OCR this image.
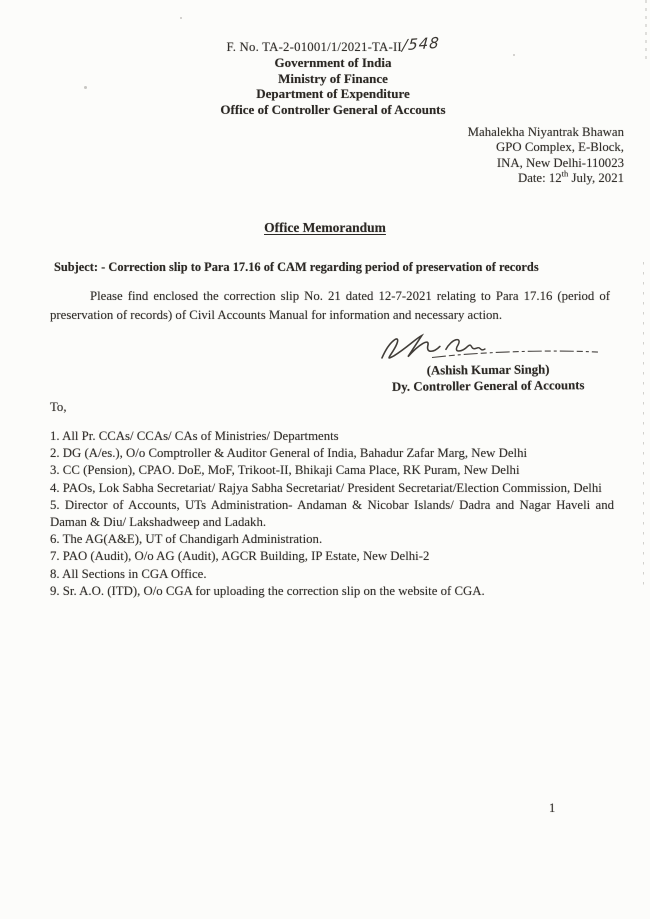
F. No. TA-2-01001/1/2021-TA-II/548
Government of India
Ministry of Finance
Department of Expenditure
Office of Controller General of Accounts
Mahalekha Niyantrak Bhawan
GPO Complex, E-Block,
INA, New Delhi-110023
Date: 12th July, 2021
Office Memorandum
Subject: - Correction slip to Para 17.16 of CAM regarding period of preservation of records
Please find enclosed the correction slip No. 21 dated 12-7-2021 relating to Para 17.16 (period of preservation of records) of Civil Accounts Manual for information and necessary action.
(Ashish Kumar Singh)
Dy. Controller General of Accounts
To,
1. All Pr. CCAs/ CCAs/ CAs of Ministries/ Departments
2. DG (A/es.), O/o Comptroller & Auditor General of India, Bahadur Zafar Marg, New Delhi
3. CC (Pension), CPAO. DoE, MoF, Trikoot-II, Bhikaji Cama Place, RK Puram, New Delhi
4. PAOs, Lok Sabha Secretariat/ Rajya Sabha Secretariat/ President Secretariat/Election Commission, Delhi
5. Director of Accounts, UTs Administration- Andaman & Nicobar Islands/ Dadra and Nagar Haveli and Daman & Diu/ Lakshadweep and Ladakh.
6. The AG(A&E), UT of Chandigarh Administration.
7. PAO (Audit), O/o AG (Audit), AGCR Building, IP Estate, New Delhi-2
8. All Sections in CGA Office.
9. Sr. A.O. (ITD), O/o CGA for uploading the correction slip on the website of CGA.
1
